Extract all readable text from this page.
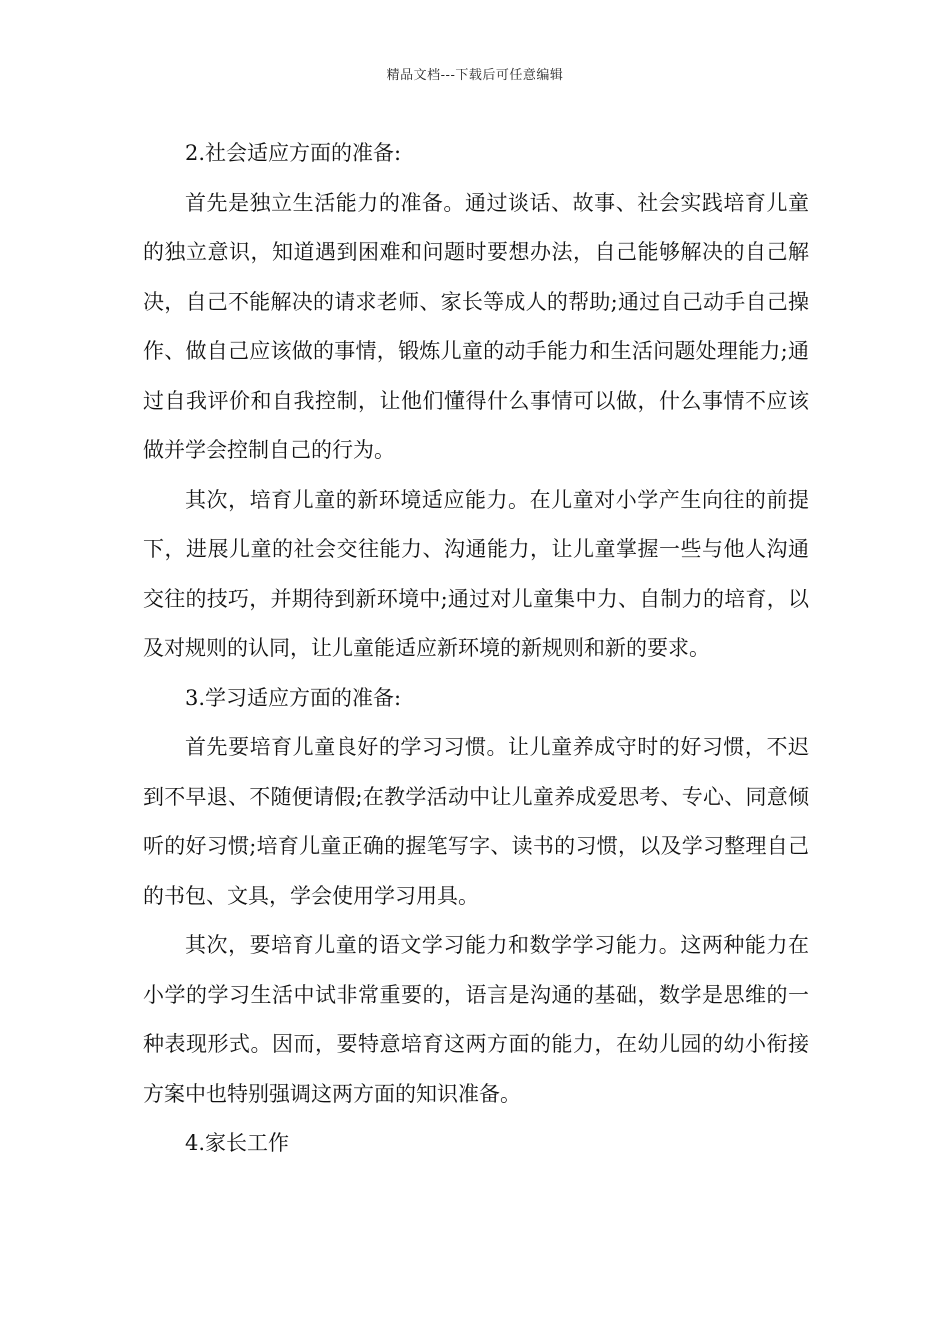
精品文档---下载后可任意编辑

2.社会适应方面的准备:

首先是独立生活能力的准备。通过谈话、故事、社会实践培育儿童的独立意识，知道遇到困难和问题时要想办法，自己能够解决的自己解决，自己不能解决的请求老师、家长等成人的帮助;通过自己动手自己操作、做自己应该做的事情，锻炼儿童的动手能力和生活问题处理能力;通过自我评价和自我控制，让他们懂得什么事情可以做，什么事情不应该做并学会控制自己的行为。

其次，培育儿童的新环境适应能力。在儿童对小学产生向往的前提下，进展儿童的社会交往能力、沟通能力，让儿童掌握一些与他人沟通交往的技巧，并期待到新环境中;通过对儿童集中力、自制力的培育，以及对规则的认同，让儿童能适应新环境的新规则和新的要求。

3.学习适应方面的准备:

首先要培育儿童良好的学习习惯。让儿童养成守时的好习惯，不迟到不早退、不随便请假;在教学活动中让儿童养成爱思考、专心、同意倾听的好习惯;培育儿童正确的握笔写字、读书的习惯，以及学习整理自己的书包、文具，学会使用学习用具。

其次，要培育儿童的语文学习能力和数学学习能力。这两种能力在小学的学习生活中试非常重要的，语言是沟通的基础，数学是思维的一种表现形式。因而，要特意培育这两方面的能力，在幼儿园的幼小衔接方案中也特别强调这两方面的知识准备。

4.家长工作
